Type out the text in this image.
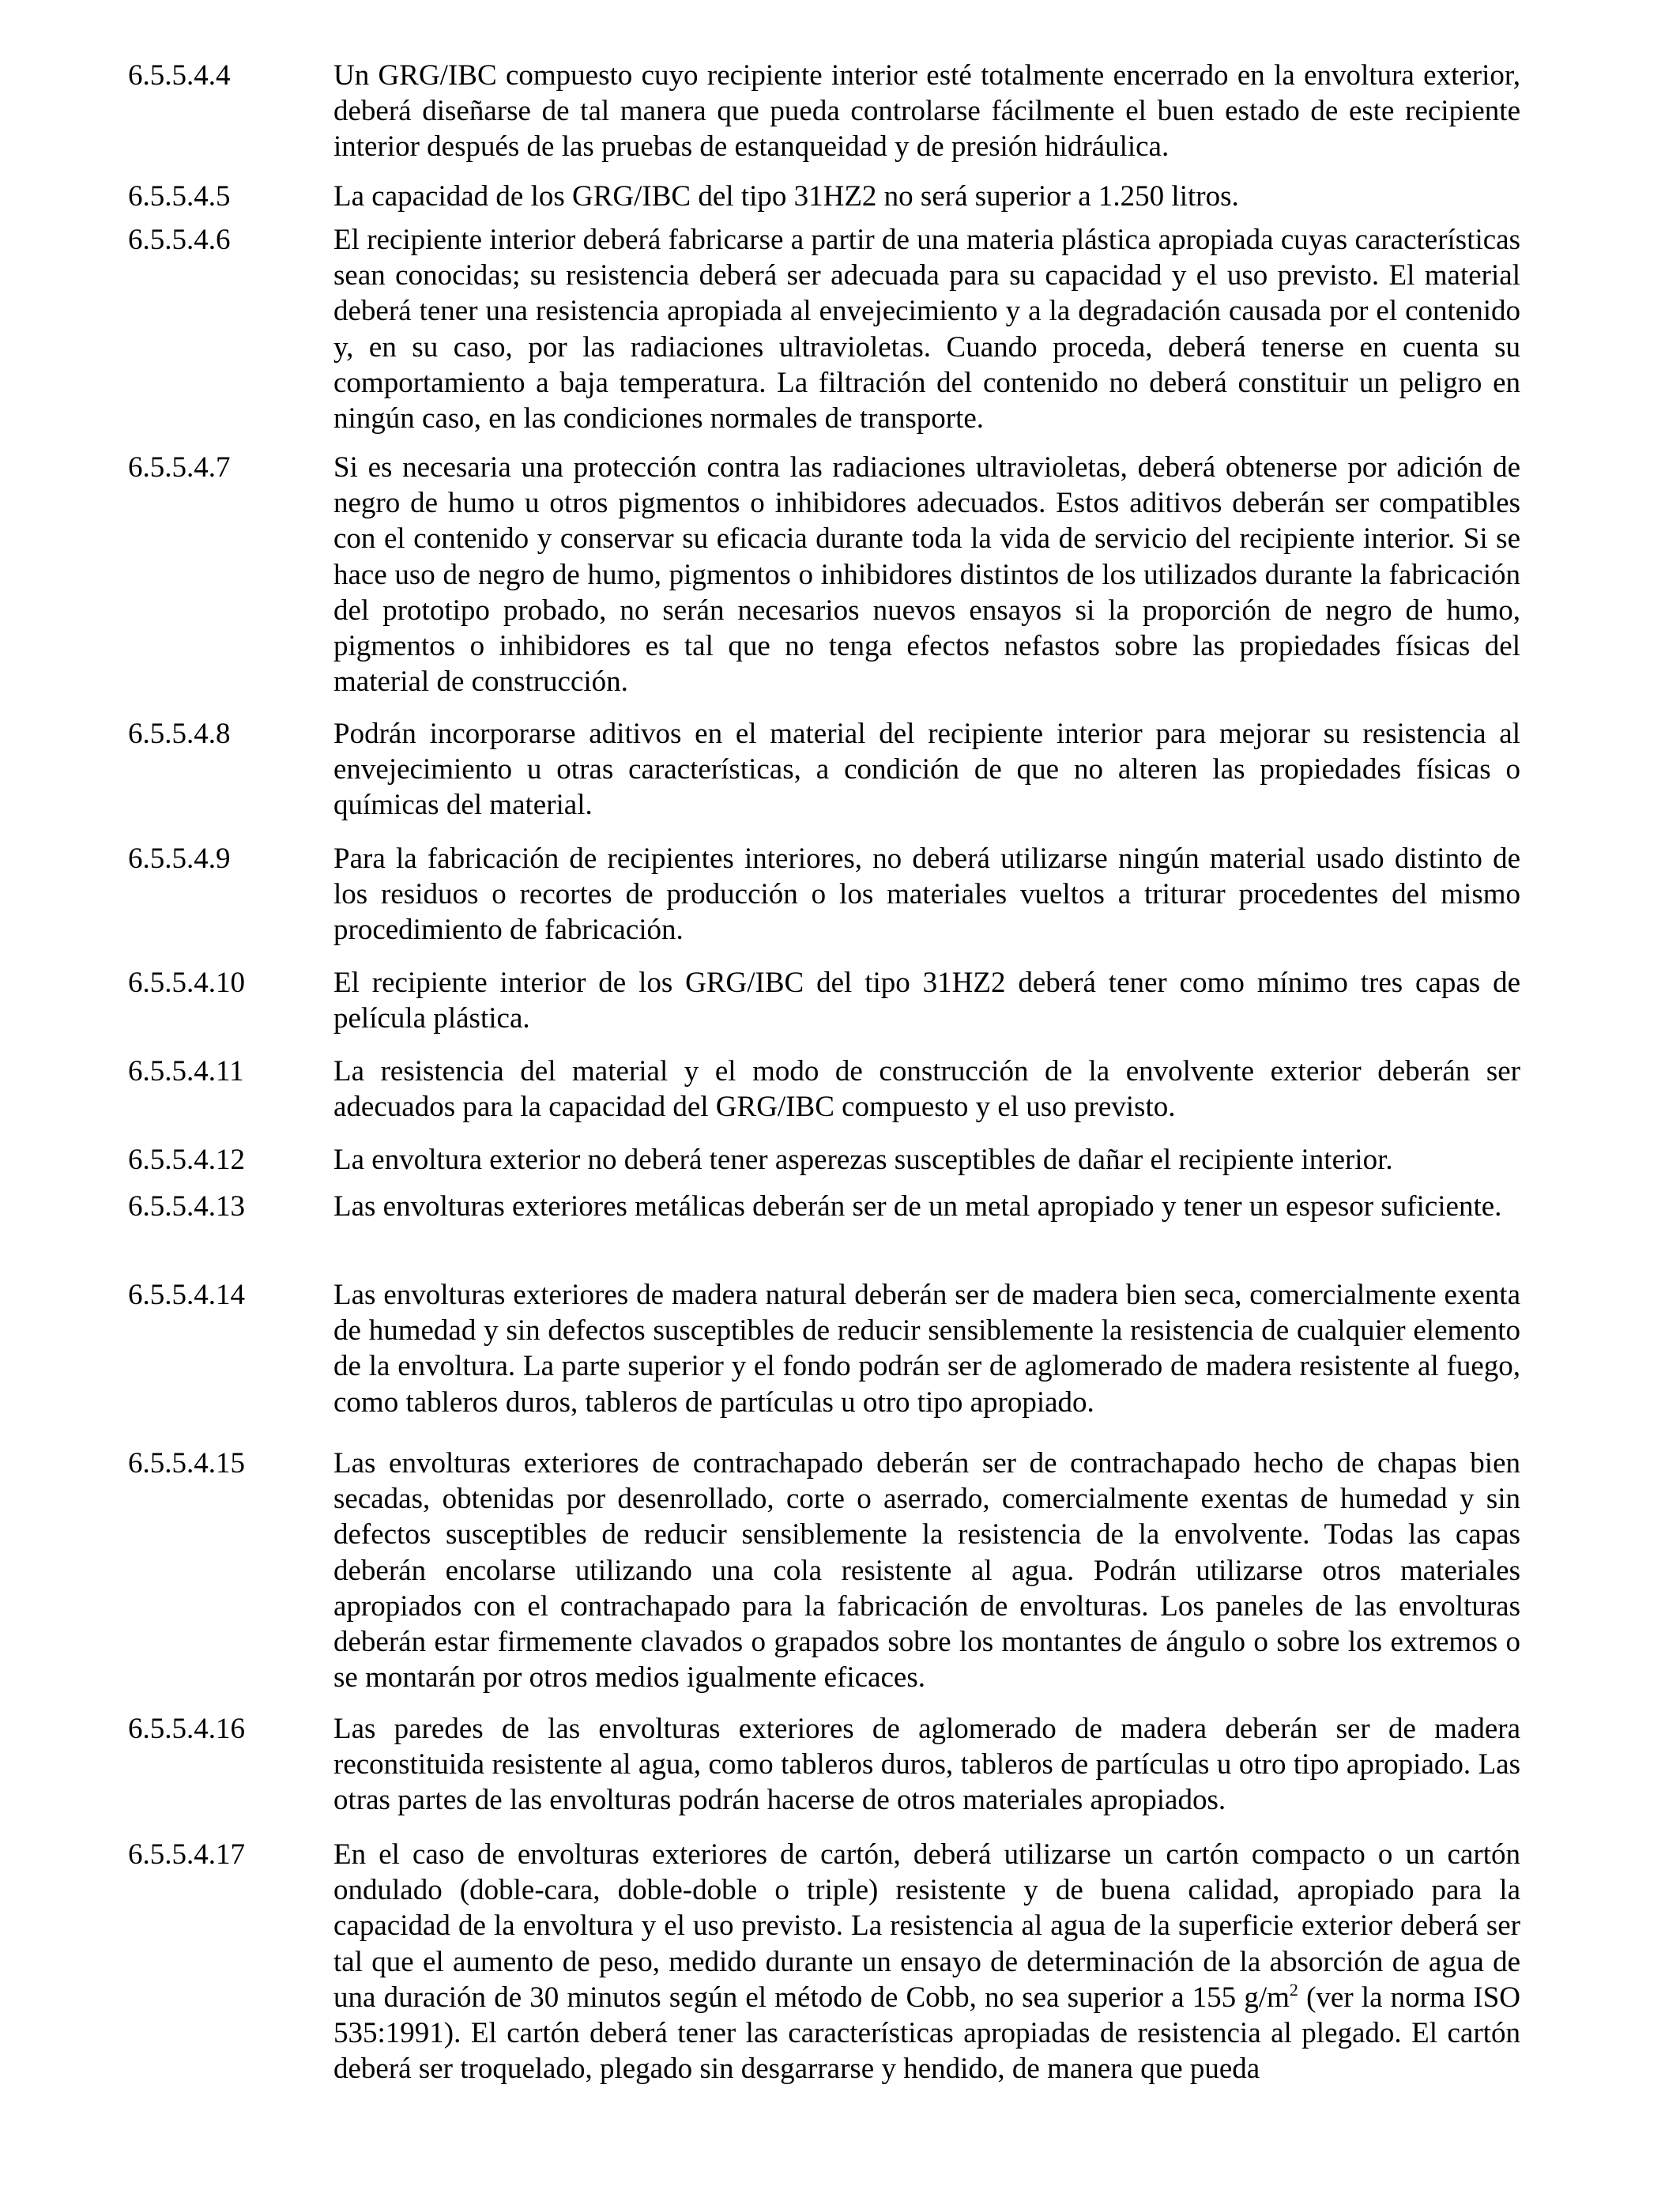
6.5.5.4.4	Un GRG/IBC compuesto cuyo recipiente interior esté totalmente encerrado en la envoltura exterior, deberá diseñarse de tal manera que pueda controlarse fácilmente el buen estado de este recipiente interior después de las pruebas de estanqueidad y de presión hidráulica.
6.5.5.4.5	La capacidad de los GRG/IBC del tipo 31HZ2 no será superior a 1.250 litros.
6.5.5.4.6	El recipiente interior deberá fabricarse a partir de una materia plástica apropiada cuyas características sean conocidas; su resistencia deberá ser adecuada para su capacidad y el uso previsto. El material deberá tener una resistencia apropiada al envejecimiento y a la degradación causada por el contenido y, en su caso, por las radiaciones ultravioletas. Cuando proceda, deberá tenerse en cuenta su comportamiento a baja temperatura. La filtración del contenido no deberá constituir un peligro en ningún caso, en las condiciones normales de transporte.
6.5.5.4.7	Si es necesaria una protección contra las radiaciones ultravioletas, deberá obtenerse por adición de negro de humo u otros pigmentos o inhibidores adecuados. Estos aditivos deberán ser compatibles con el contenido y conservar su eficacia durante toda la vida de servicio del recipiente interior. Si se hace uso de negro de humo, pigmentos o inhibidores distintos de los utilizados durante la fabricación del prototipo probado, no serán necesarios nuevos ensayos si la proporción de negro de humo, pigmentos o inhibidores es tal que no tenga efectos nefastos sobre las propiedades físicas del material de construcción.
6.5.5.4.8	Podrán incorporarse aditivos en el material del recipiente interior para mejorar su resistencia al envejecimiento u otras características, a condición de que no alteren las propiedades físicas o químicas del material.
6.5.5.4.9	Para la fabricación de recipientes interiores, no deberá utilizarse ningún material usado distinto de los residuos o recortes de producción o los materiales vueltos a triturar procedentes del mismo procedimiento de fabricación.
6.5.5.4.10	El recipiente interior de los GRG/IBC del tipo 31HZ2 deberá tener como mínimo tres capas de película plástica.
6.5.5.4.11	La resistencia del material y el modo de construcción de la envolvente exterior deberán ser adecuados para la capacidad del GRG/IBC compuesto y el uso previsto.
6.5.5.4.12	La envoltura exterior no deberá tener asperezas susceptibles de dañar el recipiente interior.
6.5.5.4.13	Las envolturas exteriores metálicas deberán ser de un metal apropiado y tener un espesor suficiente.
6.5.5.4.14	Las envolturas exteriores de madera natural deberán ser de madera bien seca, comercialmente exenta de humedad y sin defectos susceptibles de reducir sensiblemente la resistencia de cualquier elemento de la envoltura. La parte superior y el fondo podrán ser de aglomerado de madera resistente al fuego, como tableros duros, tableros de partículas u otro tipo apropiado.
6.5.5.4.15	Las envolturas exteriores de contrachapado deberán ser de contrachapado hecho de chapas bien secadas, obtenidas por desenrollado, corte o aserrado, comercialmente exentas de humedad y sin defectos susceptibles de reducir sensiblemente la resistencia de la envolvente. Todas las capas deberán encolarse utilizando una cola resistente al agua. Podrán utilizarse otros materiales apropiados con el contrachapado para la fabricación de envolturas. Los paneles de las envolturas deberán estar firmemente clavados o grapados sobre los montantes de ángulo o sobre los extremos o se montarán por otros medios igualmente eficaces.
6.5.5.4.16	Las paredes de las envolturas exteriores de aglomerado de madera deberán ser de madera reconstituida resistente al agua, como tableros duros, tableros de partículas u otro tipo apropiado. Las otras partes de las envolturas podrán hacerse de otros materiales apropiados.
6.5.5.4.17	En el caso de envolturas exteriores de cartón, deberá utilizarse un cartón compacto o un cartón ondulado (doble-cara, doble-doble o triple) resistente y de buena calidad, apropiado para la capacidad de la envoltura y el uso previsto. La resistencia al agua de la superficie exterior deberá ser tal que el aumento de peso, medido durante un ensayo de determinación de la absorción de agua de una duración de 30 minutos según el método de Cobb, no sea superior a 155 $g/m^2$ (ver la norma ISO 535:1991). El cartón deberá tener las características apropiadas de resistencia al plegado. El cartón deberá ser troquelado, plegado sin desgarrarse y hendido, de manera que pueda
